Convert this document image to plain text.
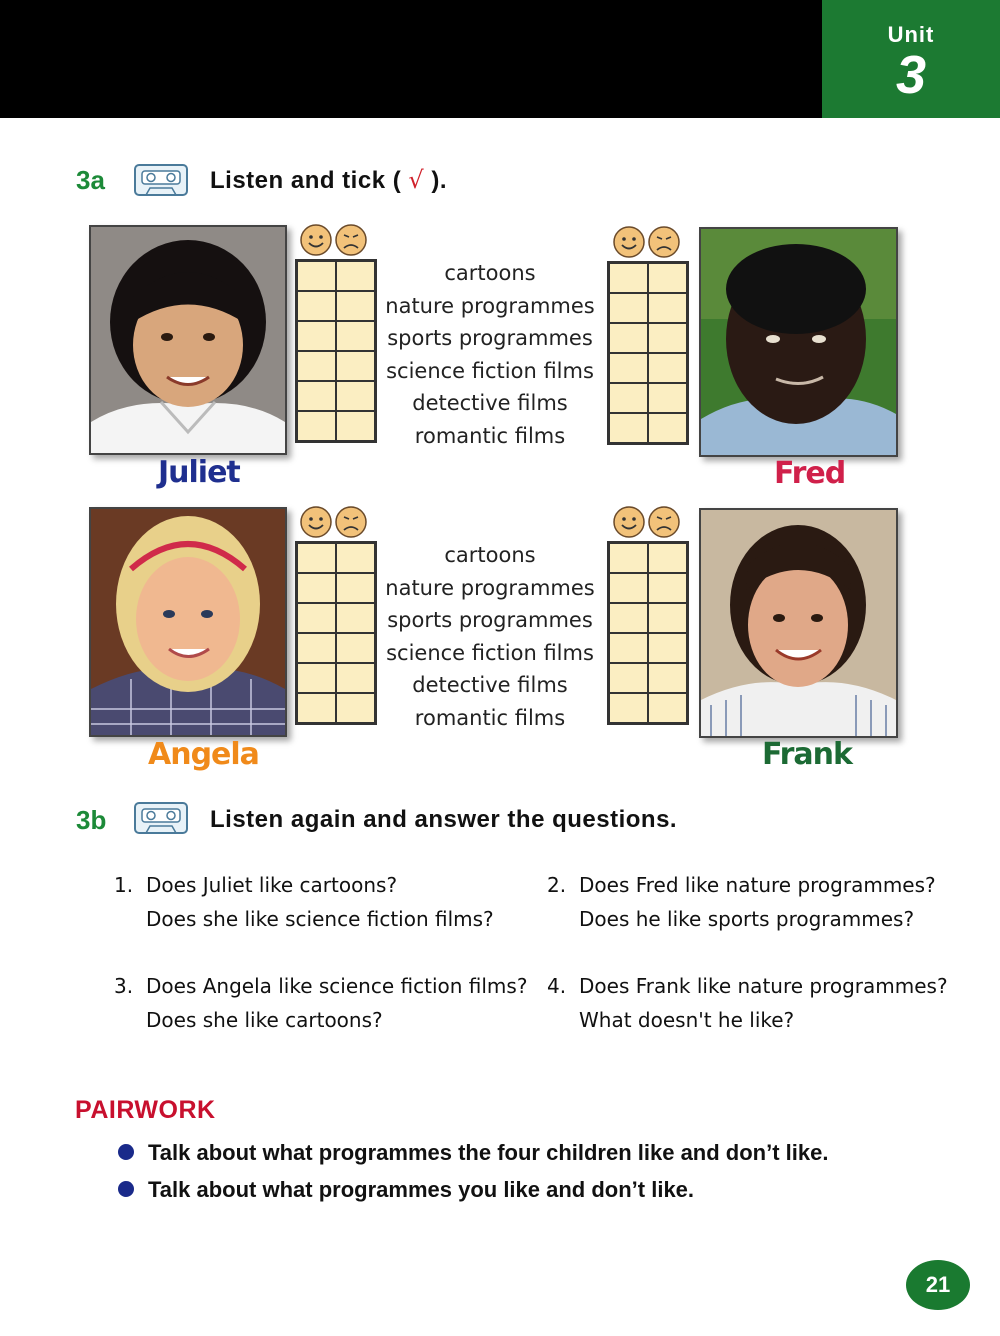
Unit
3
3a	Listen and tick ( √ ).
Juliet	Fred
Angela	Frank
cartoons
nature programmes
sports programmes
science fiction films
detective films
romantic films
cartoons
nature programmes
sports programmes
science fiction films
detective films
romantic films
3b	Listen again and answer the questions.
1. Does Juliet like cartoons?
Does she like science fiction films?
2. Does Fred like nature programmes?
Does he like sports programmes?
3. Does Angela like science fiction films?
Does she like cartoons?
4. Does Frank like nature programmes?
What doesn't he like?
PAIRWORK
Talk about what programmes the four children like and don’t like.
Talk about what programmes you like and don’t like.
21
